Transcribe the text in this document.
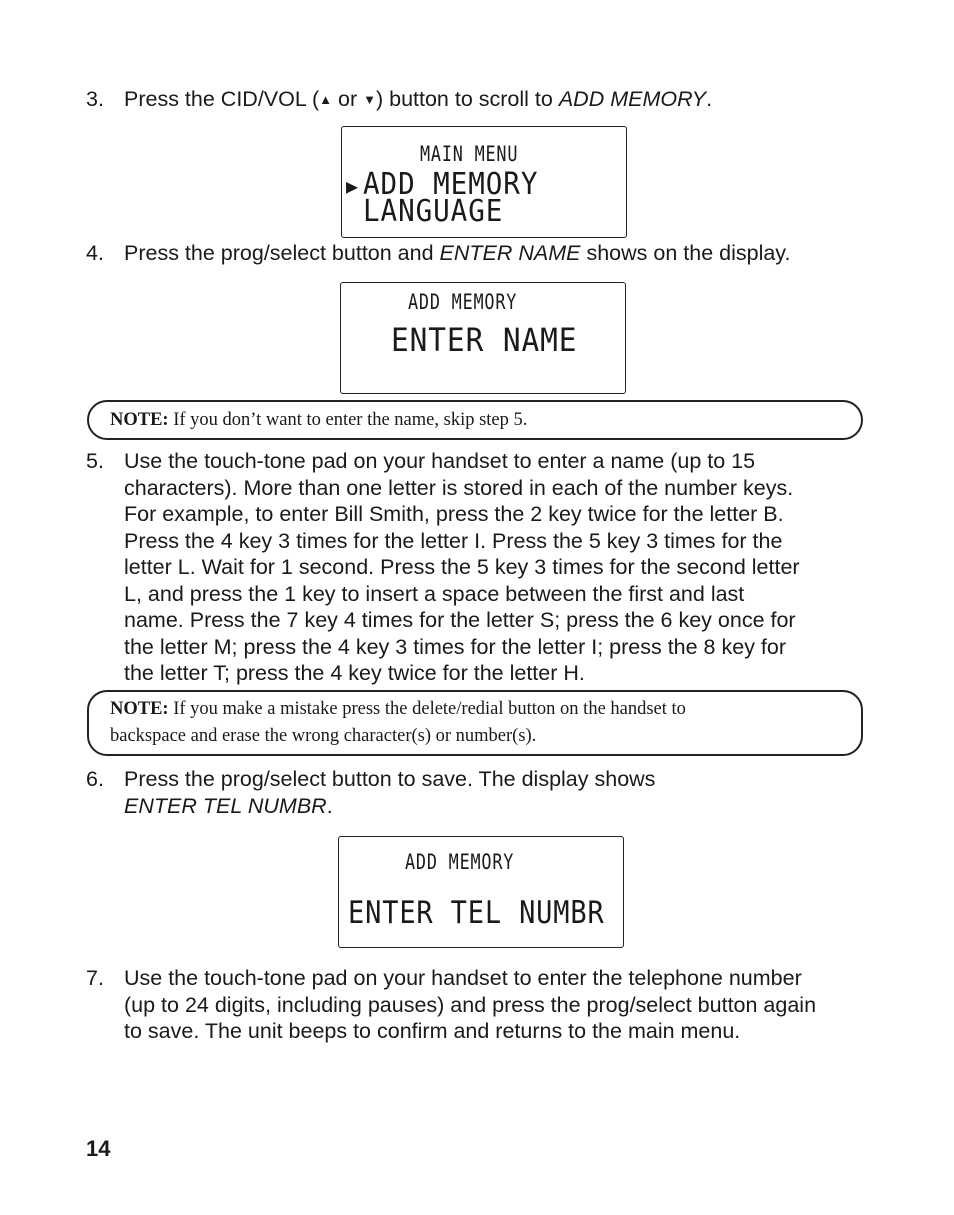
3. Press the CID/VOL (▲ or ▼) button to scroll to ADD MEMORY.
MAIN MENU
▶ ADD MEMORY
LANGUAGE
4. Press the prog/select button and ENTER NAME shows on the display.
ADD MEMORY
ENTER NAME
NOTE: If you don’t want to enter the name, skip step 5.
5. Use the touch-tone pad on your handset to enter a name (up to 15
characters). More than one letter is stored in each of the number keys.
For example, to enter Bill Smith, press the 2 key twice for the letter B.
Press the 4 key 3 times for the letter I. Press the 5 key 3 times for the
letter L. Wait for 1 second. Press the 5 key 3 times for the second letter
L, and press the 1 key to insert a space between the first and last
name. Press the 7 key 4 times for the letter S; press the 6 key once for
the letter M; press the 4 key 3 times for the letter I; press the 8 key for
the letter T; press the 4 key twice for the letter H.
NOTE: If you make a mistake press the delete/redial button on the handset to
backspace and erase the wrong character(s) or number(s).
6. Press the prog/select button to save. The display shows
ENTER TEL NUMBR.
ADD MEMORY
ENTER TEL NUMBR
7. Use the touch-tone pad on your handset to enter the telephone number
(up to 24 digits, including pauses) and press the prog/select button again
to save. The unit beeps to confirm and returns to the main menu.
14
